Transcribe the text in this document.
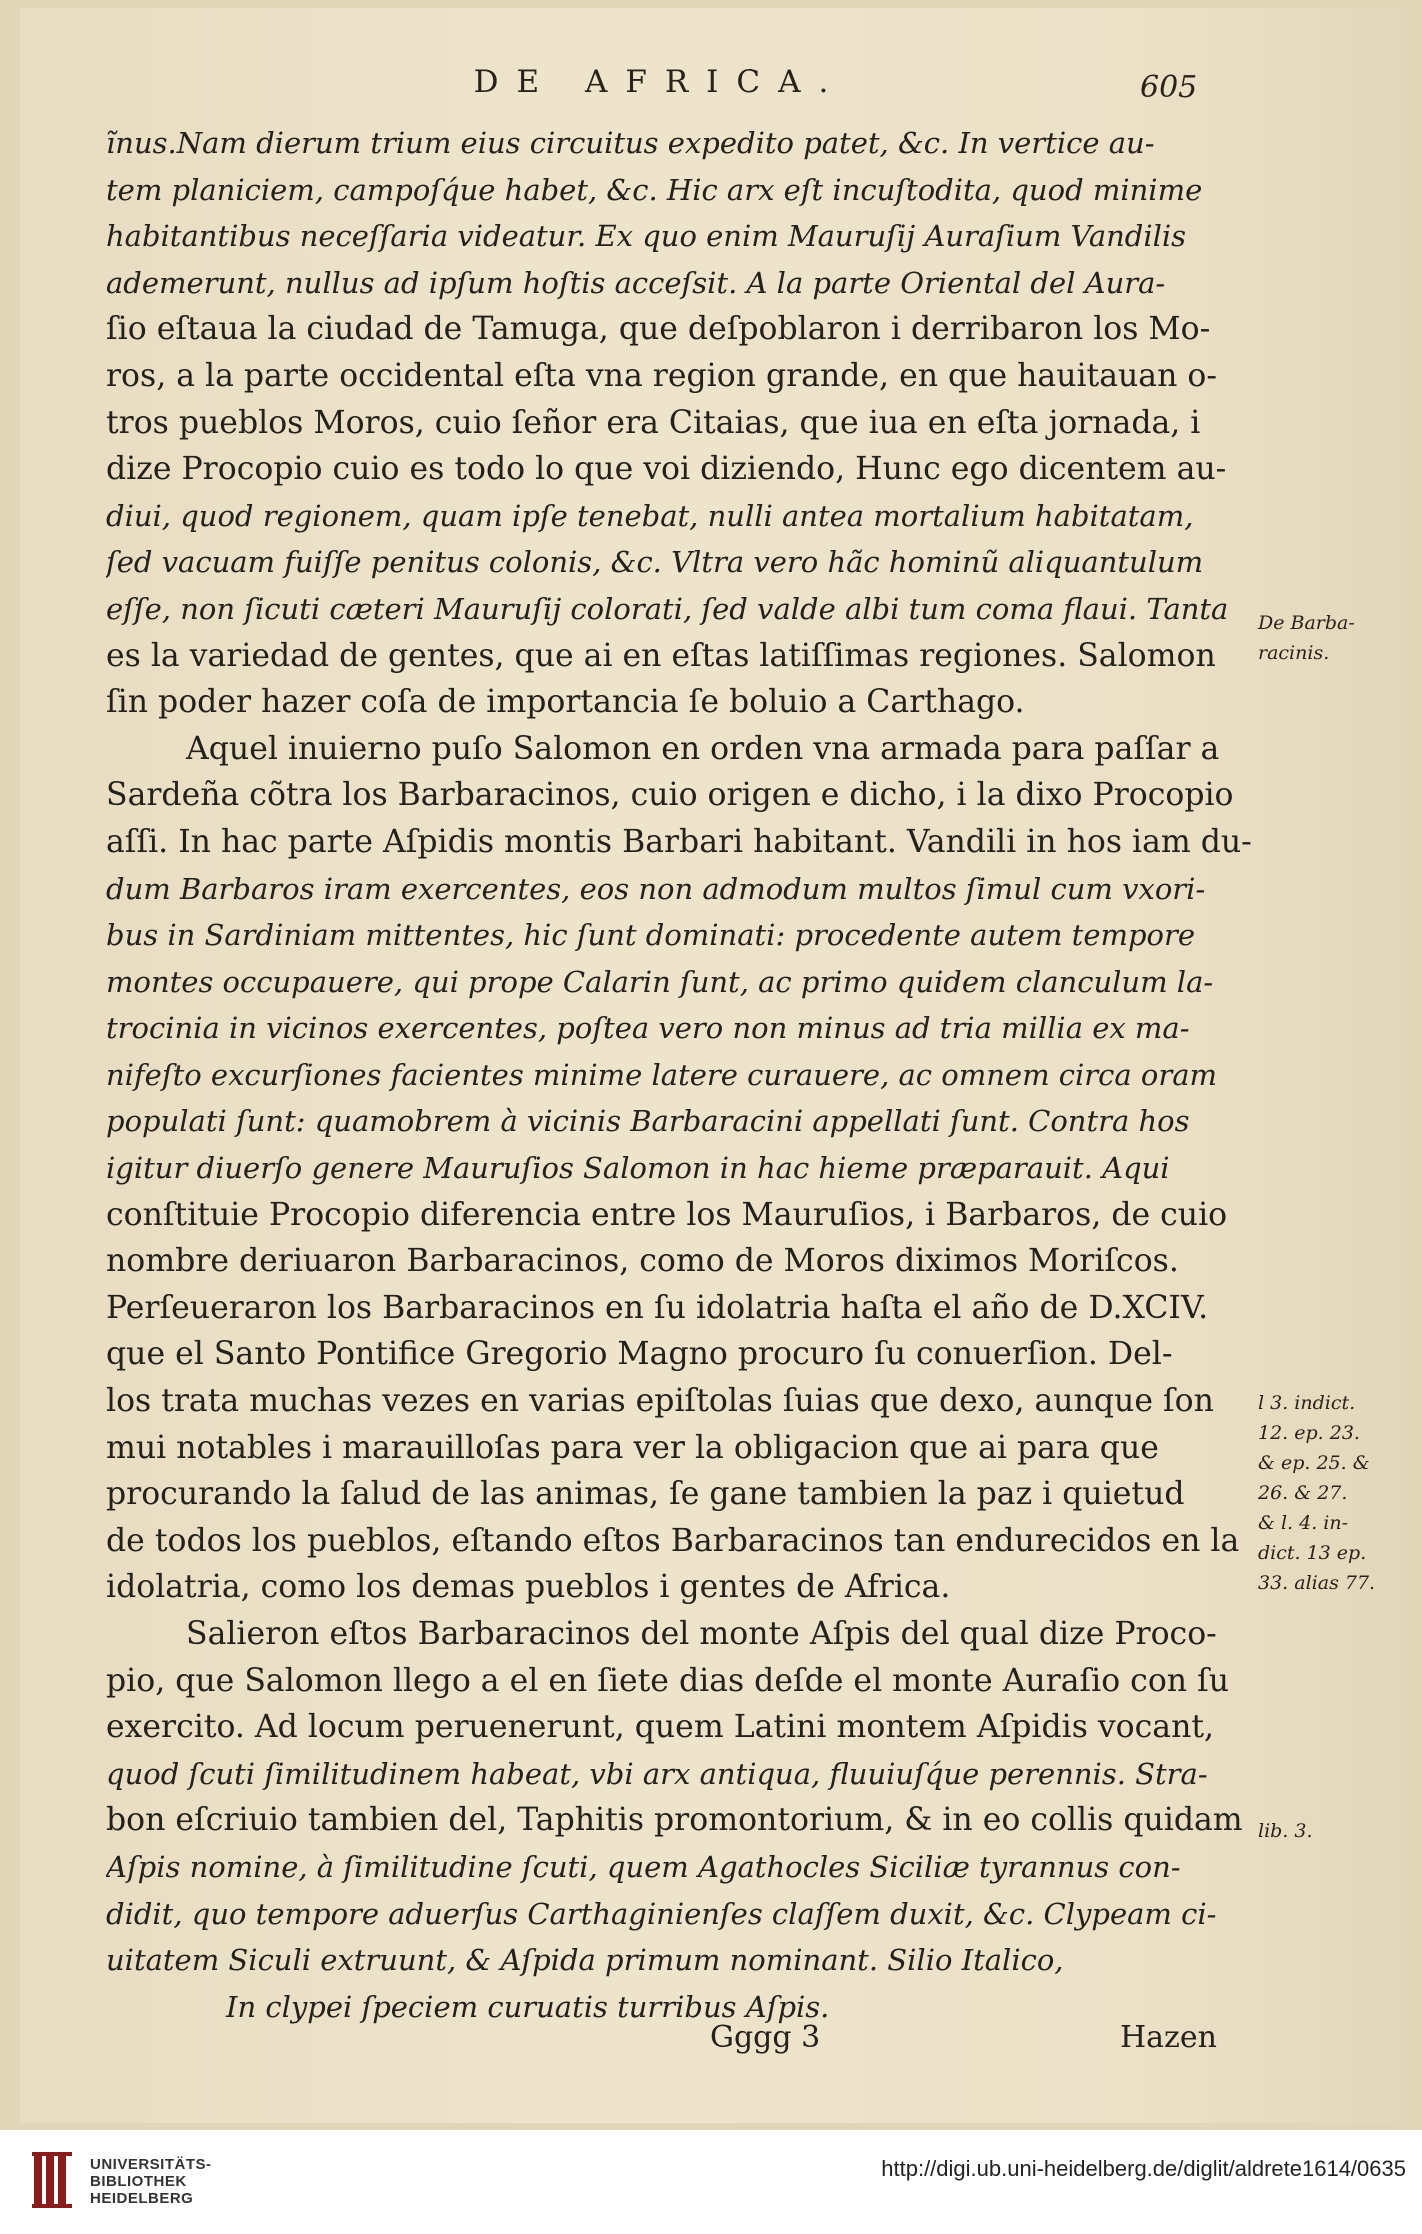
DE AFRICA.	605
ĩnus.Nam dierum trium eius circuitus expedito patet, &c. In vertice au-
tem planiciem, campoſq́ue habet, &c. Hic arx eſt incuſtodita, quod minime
habitantibus neceſſaria videatur. Ex quo enim Mauruſij Auraſium Vandilis
ademerunt, nullus ad ipſum hoſtis acceſsit. A la parte Oriental del Aura-
ſio eſtaua la ciudad de Tamuga, que deſpoblaron i derribaron los Mo-
ros, a la parte occidental eſta vna region grande, en que hauitauan o-
tros pueblos Moros, cuio ſeñor era Citaias, que iua en eſta jornada, i
dize Procopio cuio es todo lo que voi diziendo, Hunc ego dicentem au-
diui, quod regionem, quam ipſe tenebat, nulli antea mortalium habitatam,
ſed vacuam fuiſſe penitus colonis, &c. Vltra vero hãc hominũ aliquantulum
eſſe, non ſicuti cæteri Mauruſij colorati, ſed valde albi tum coma flaui. Tanta
es la variedad de gentes, que ai en eſtas latiſſimas regiones. Salomon
ſin poder hazer coſa de importancia ſe boluio a Carthago.
Aquel inuierno puſo Salomon en orden vna armada para paſſar a
Sardeña cõtra los Barbaracinos, cuio origen e dicho, i la dixo Procopio
aſſi. In hac parte Aſpidis montis Barbari habitant. Vandili in hos iam du-
dum Barbaros iram exercentes, eos non admodum multos ſimul cum vxori-
bus in Sardiniam mittentes, hic ſunt dominati: procedente autem tempore
montes occupauere, qui prope Calarin ſunt, ac primo quidem clanculum la-
trocinia in vicinos exercentes, poſtea vero non minus ad tria millia ex ma-
nifeſto excurſiones facientes minime latere curauere, ac omnem circa oram
populati ſunt: quamobrem à vicinis Barbaracini appellati ſunt. Contra hos
igitur diuerſo genere Mauruſios Salomon in hac hieme præparauit. Aqui
conſtituie Procopio diferencia entre los Mauruſios, i Barbaros, de cuio
nombre deriuaron Barbaracinos, como de Moros diximos Moriſcos.
Perſeueraron los Barbaracinos en ſu idolatria haſta el año de D.XCIV.
que el Santo Pontifice Gregorio Magno procuro ſu conuerſion. Del-
los trata muchas vezes en varias epiſtolas ſuias que dexo, aunque ſon
mui notables i marauilloſas para ver la obligacion que ai para que
procurando la ſalud de las animas, ſe gane tambien la paz i quietud
de todos los pueblos, eſtando eſtos Barbaracinos tan endurecidos en la
idolatria, como los demas pueblos i gentes de Africa.
Salieron eſtos Barbaracinos del monte Aſpis del qual dize Proco-
pio, que Salomon llego a el en ſiete dias deſde el monte Auraſio con ſu
exercito. Ad locum peruenerunt, quem Latini montem Aſpidis vocant,
quod ſcuti ſimilitudinem habeat, vbi arx antiqua, fluuiuſq́ue perennis. Stra-
bon eſcriuio tambien del, Taphitis promontorium, & in eo collis quidam
Aſpis nomine, à ſimilitudine ſcuti, quem Agathocles Siciliæ tyrannus con-
didit, quo tempore aduerſus Carthaginienſes claſſem duxit, &c. Clypeam ci-
uitatem Siculi extruunt, & Aſpida primum nominant. Silio Italico,
In clypei ſpeciem curuatis turribus Aſpis.
De Barba-
racinis.
l 3. indict.
12. ep. 23.
& ep. 25. &
26. & 27.
& l. 4. in-
dict. 13 ep.
33. alias 77.
lib. 3.
Gggg 3	Hazen
UNIVERSITÄTS-
BIBLIOTHEK
HEIDELBERG
http://digi.ub.uni-heidelberg.de/diglit/aldrete1614/0635
